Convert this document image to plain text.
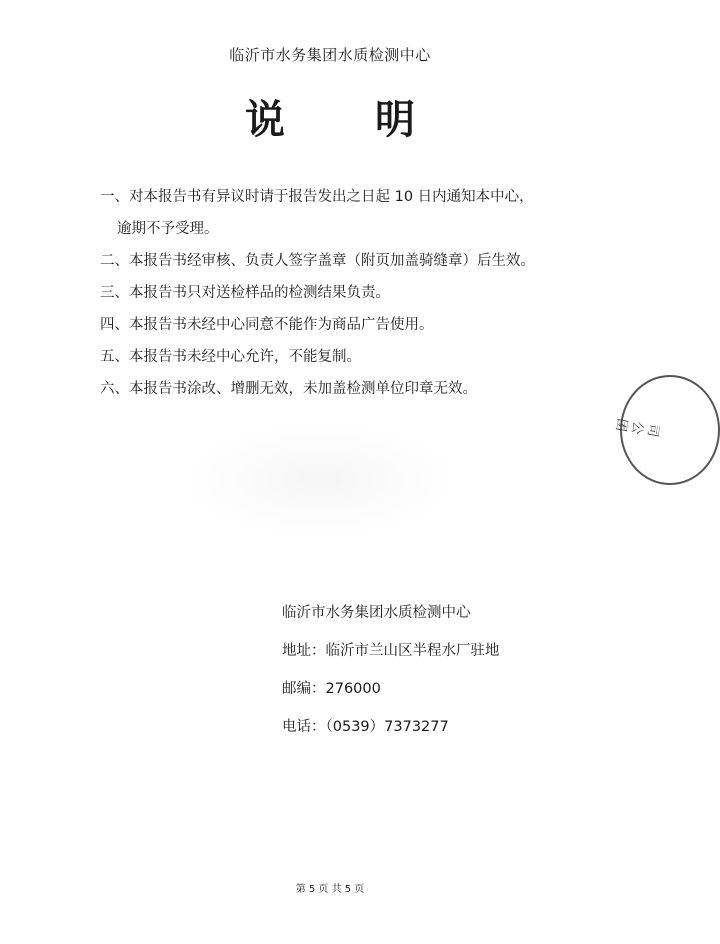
临沂市水务集团水质检测中心
说明
一、对本报告书有异议时请于报告发出之日起 10 日内通知本中心，
逾期不予受理。
二、本报告书经审核、负责人签字盖章（附页加盖骑缝章）后生效。
三、本报告书只对送检样品的检测结果负责。
四、本报告书未经中心同意不能作为商品广告使用。
五、本报告书未经中心允许，不能复制。
六、本报告书涂改、增删无效，未加盖检测单位印章无效。
临沂市水务集团水质检测中心
地址：临沂市兰山区半程水厂驻地
邮编：276000
电话：（0539）7373277
司公团
第 5 页 共 5 页
